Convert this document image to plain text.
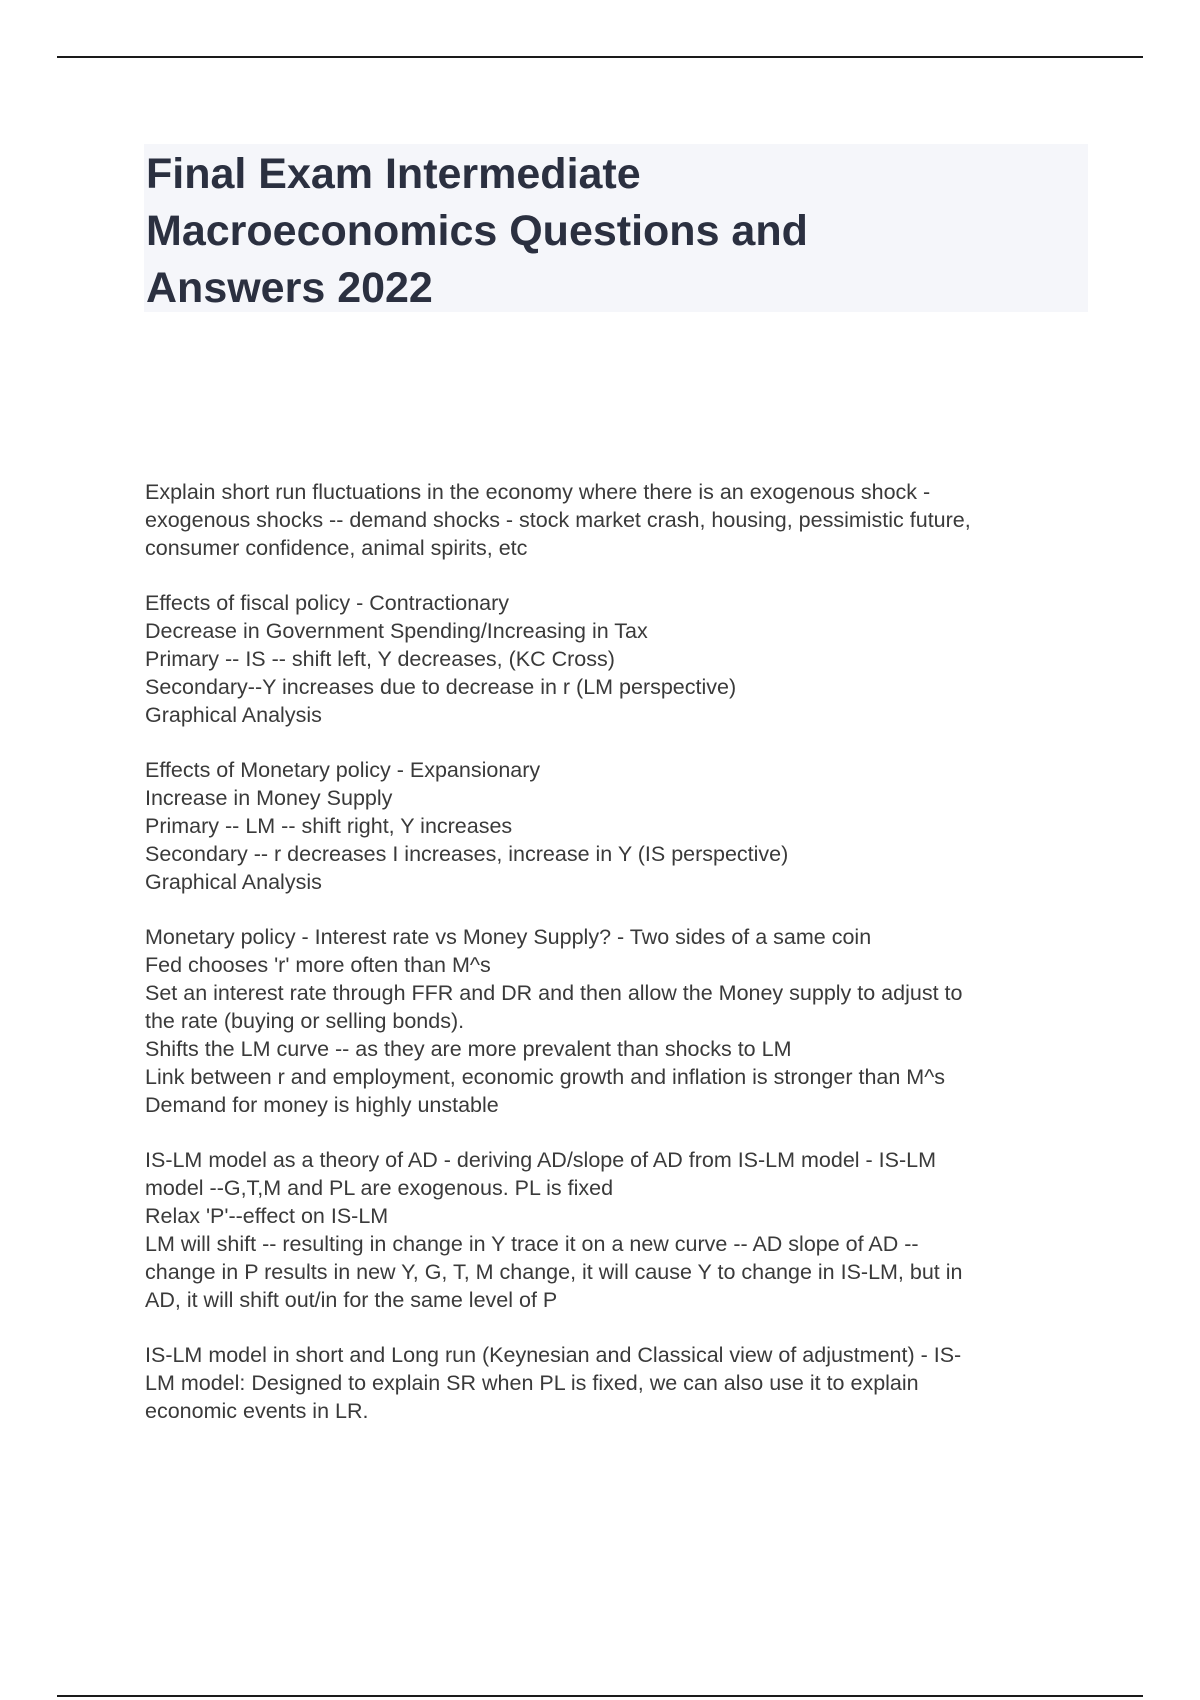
Final Exam Intermediate
Macroeconomics Questions and
Answers 2022
Explain short run fluctuations in the economy where there is an exogenous shock -
exogenous shocks -- demand shocks - stock market crash, housing, pessimistic future,
consumer confidence, animal spirits, etc
Effects of fiscal policy - Contractionary
Decrease in Government Spending/Increasing in Tax
Primary -- IS -- shift left, Y decreases, (KC Cross)
Secondary--Y increases due to decrease in r (LM perspective)
Graphical Analysis
Effects of Monetary policy - Expansionary
Increase in Money Supply
Primary -- LM -- shift right, Y increases
Secondary -- r decreases I increases, increase in Y (IS perspective)
Graphical Analysis
Monetary policy - Interest rate vs Money Supply? - Two sides of a same coin
Fed chooses 'r' more often than M^s
Set an interest rate through FFR and DR and then allow the Money supply to adjust to
the rate (buying or selling bonds).
Shifts the LM curve -- as they are more prevalent than shocks to LM
Link between r and employment, economic growth and inflation is stronger than M^s
Demand for money is highly unstable
IS-LM model as a theory of AD - deriving AD/slope of AD from IS-LM model - IS-LM
model --G,T,M and PL are exogenous. PL is fixed
Relax 'P'--effect on IS-LM
LM will shift -- resulting in change in Y trace it on a new curve -- AD slope of AD --
change in P results in new Y, G, T, M change, it will cause Y to change in IS-LM, but in
AD, it will shift out/in for the same level of P
IS-LM model in short and Long run (Keynesian and Classical view of adjustment) - IS-
LM model: Designed to explain SR when PL is fixed, we can also use it to explain
economic events in LR.
